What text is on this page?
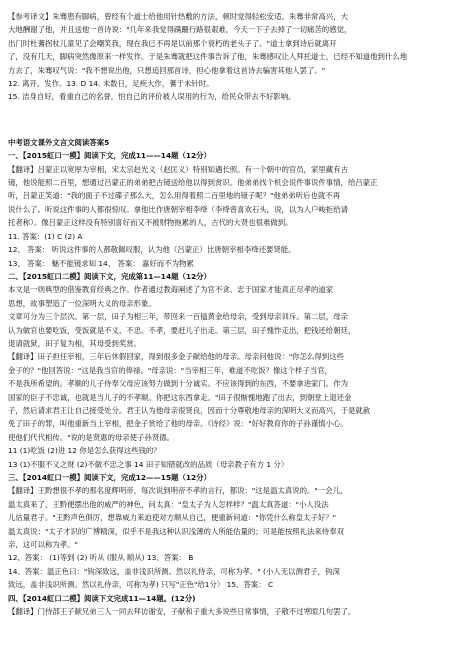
【参考译文】朱骞患有脚病，曾经有个道士给他用针热敷的方法，顿时觉得轻松安适。朱骞非常高兴，大
大地酬谢了他，并且送他一首诗说："几年来我觉得蹒跚行路很艰难，今天一下子去掉了一切痛苦的感觉，
出门时杜蓍拐杖儿童见了会嘲笑我，现在我已不再是以前那个衰朽的老头子了。"道士拿到诗后就离开
了，没有几天，脚病突然像原来一样发作。于是朱骞就把这件事告诉了他，朱骞感叹让人拜托道士，已经不知道他到什么地
方去了，朱骞叹气说："我不想说出他，只想追回那首诗，担心他拿着这首诗去骗害其他人罢了。"
12. 离开。发作。13. D 14. 未数日，足疾大作，蓍于未针时。
15. 洁身自好，看重自己的名誉，怕自己的评价被人误用的行为，给民众带去不好影响。
中考语文课外文言文阅读答案5
一、【2015虹口一模】阅读下文，完成11——14题（12分）
【翻译】吕蒙正以宽厚为宰相，宋太宗赵光义（赵匡义）特别知遇长照。有一个朝中的官员，家里藏有古
镜，他说能照二百里，想通过吕蒙正的弟弟把古镜送给他以得到赏识。他弟弟找个机会说件事说件事情，给吕蒙正
听，吕蒙正笑道："我的面子不过碟子那么大，怎么用得着照二百里地的镜子呢？"他弟弟听后也就不再
说什么了。听说这件事的人都很惊叹。拿他比作唐朝宰相李绛（李绛曾喜欢石头，说，以为人户峻拒给请
托者称）。像吕蒙正这样没有特别喜好而又不被财物拖累的人，古代的大贤也很难做到。
11. 答案：(1) C (2) A
12、 答案： 听说这件事的人都敬佩叹服，认为他（吕蒙正）比唐朝宰相李绛还要贤能。
13、 答案： 魅不能镜求知 14、 答案： 嘉好而不为物累
二、【2015虹口二模】阅读下文，完成第11—14题（12分）
本文是一则典型的借鉴教育经典之作。作者通过教诲阐述了为官不贪、忠于国家才能真正尽孝的道家
思想，故事塑造了一位深明大义的母亲形象。
文章可分为三个层次。第一层，田子为相三年，带回来一百镒黄金给母亲，受到母亲训斥。第二层，母亲
认为做官也要吃饭，受饭就是不义、不忠、不孝，要赶儿子出走。第三层，田子愧怍走出，把钱还给朝廷，
退请就狱，田子复为相，其母受到奖赏。
【翻译】田子担任宰相，三年后休假回家，得到很多金子献给他的母亲。母亲问他说："你怎么得到这些
金子的？"他回答说："这是我当官的俸禄。"母亲说："当宰相三年，难道不吃饭？像这个样子当官，
不是我所希望的。孝顺的儿子侍奉父母应该努力做到十分诚实。不应该得到的东西，不要拿进家门。作为
国家的臣子不忠诚，也就是当儿子的不孝顺。你把这东西拿走。"田子很惭愧地跑了出去，到朝堂上退还金
子，然后请求君王让自己接受处分。君王认为他母亲很贤良，因而十分尊敬地母亲的深明大义而高兴，于是就赦
免了田子的罪，叫他重新当上宰相，把金子赏给了他的母亲。《诗经》说："好好教育你的子孙谨慎小心。
使他们代代相传。"说的是贤惠的母亲使子孙贤德。
11 (1)吃饭 (2)进 12 你是怎么获得这些钱的？
13 (1)不服不义之财 (2)不做不忠之事 14 田子知错就改的品质（母亲教子有方 1 分）
三、【2014虹口一模】阅读下文，完成12——15题（12分）
【翻译】王黔想很不孝的那名度辉明帝，每次说到明帝不孝的言行，都说："这是温太真说的。"一会儿，
温太真来了，王黔便摆出他的威严的神色，问太真："皇太子为人怎样样？"温太真答道："小人没法
儿估量君子。"王黔声色俱厉，想靠威力来迫使对方顺从自己，便重新问道："你凭什么称皇太子好？"
温太真说："太子才识的广博精深，似乎不是我这种认识浅薄的人所能估量的；可是能按照礼法来侍奉双
亲，这可以称为孝。"
12、答案： (1)等到 (2) 听从 (服从 顺从) 13、答案： B
14、答案：温正色曰："钩深致远，盖非浅识所测。然以礼侍亲，可称为孝。" (小人无以测君子，钩深
致远，盖非浅识所测。然以礼侍亲，可称为孝) 只写"正色"给1分） 15、答案： C
四、【2014虹口二模】阅读下文完成11—14题。(12分)
【翻译】门侍部王子献兄弟三人一同去拜访谢安，子献和子重大多说些日常事情，子敬不过寒暄几句罢了。
